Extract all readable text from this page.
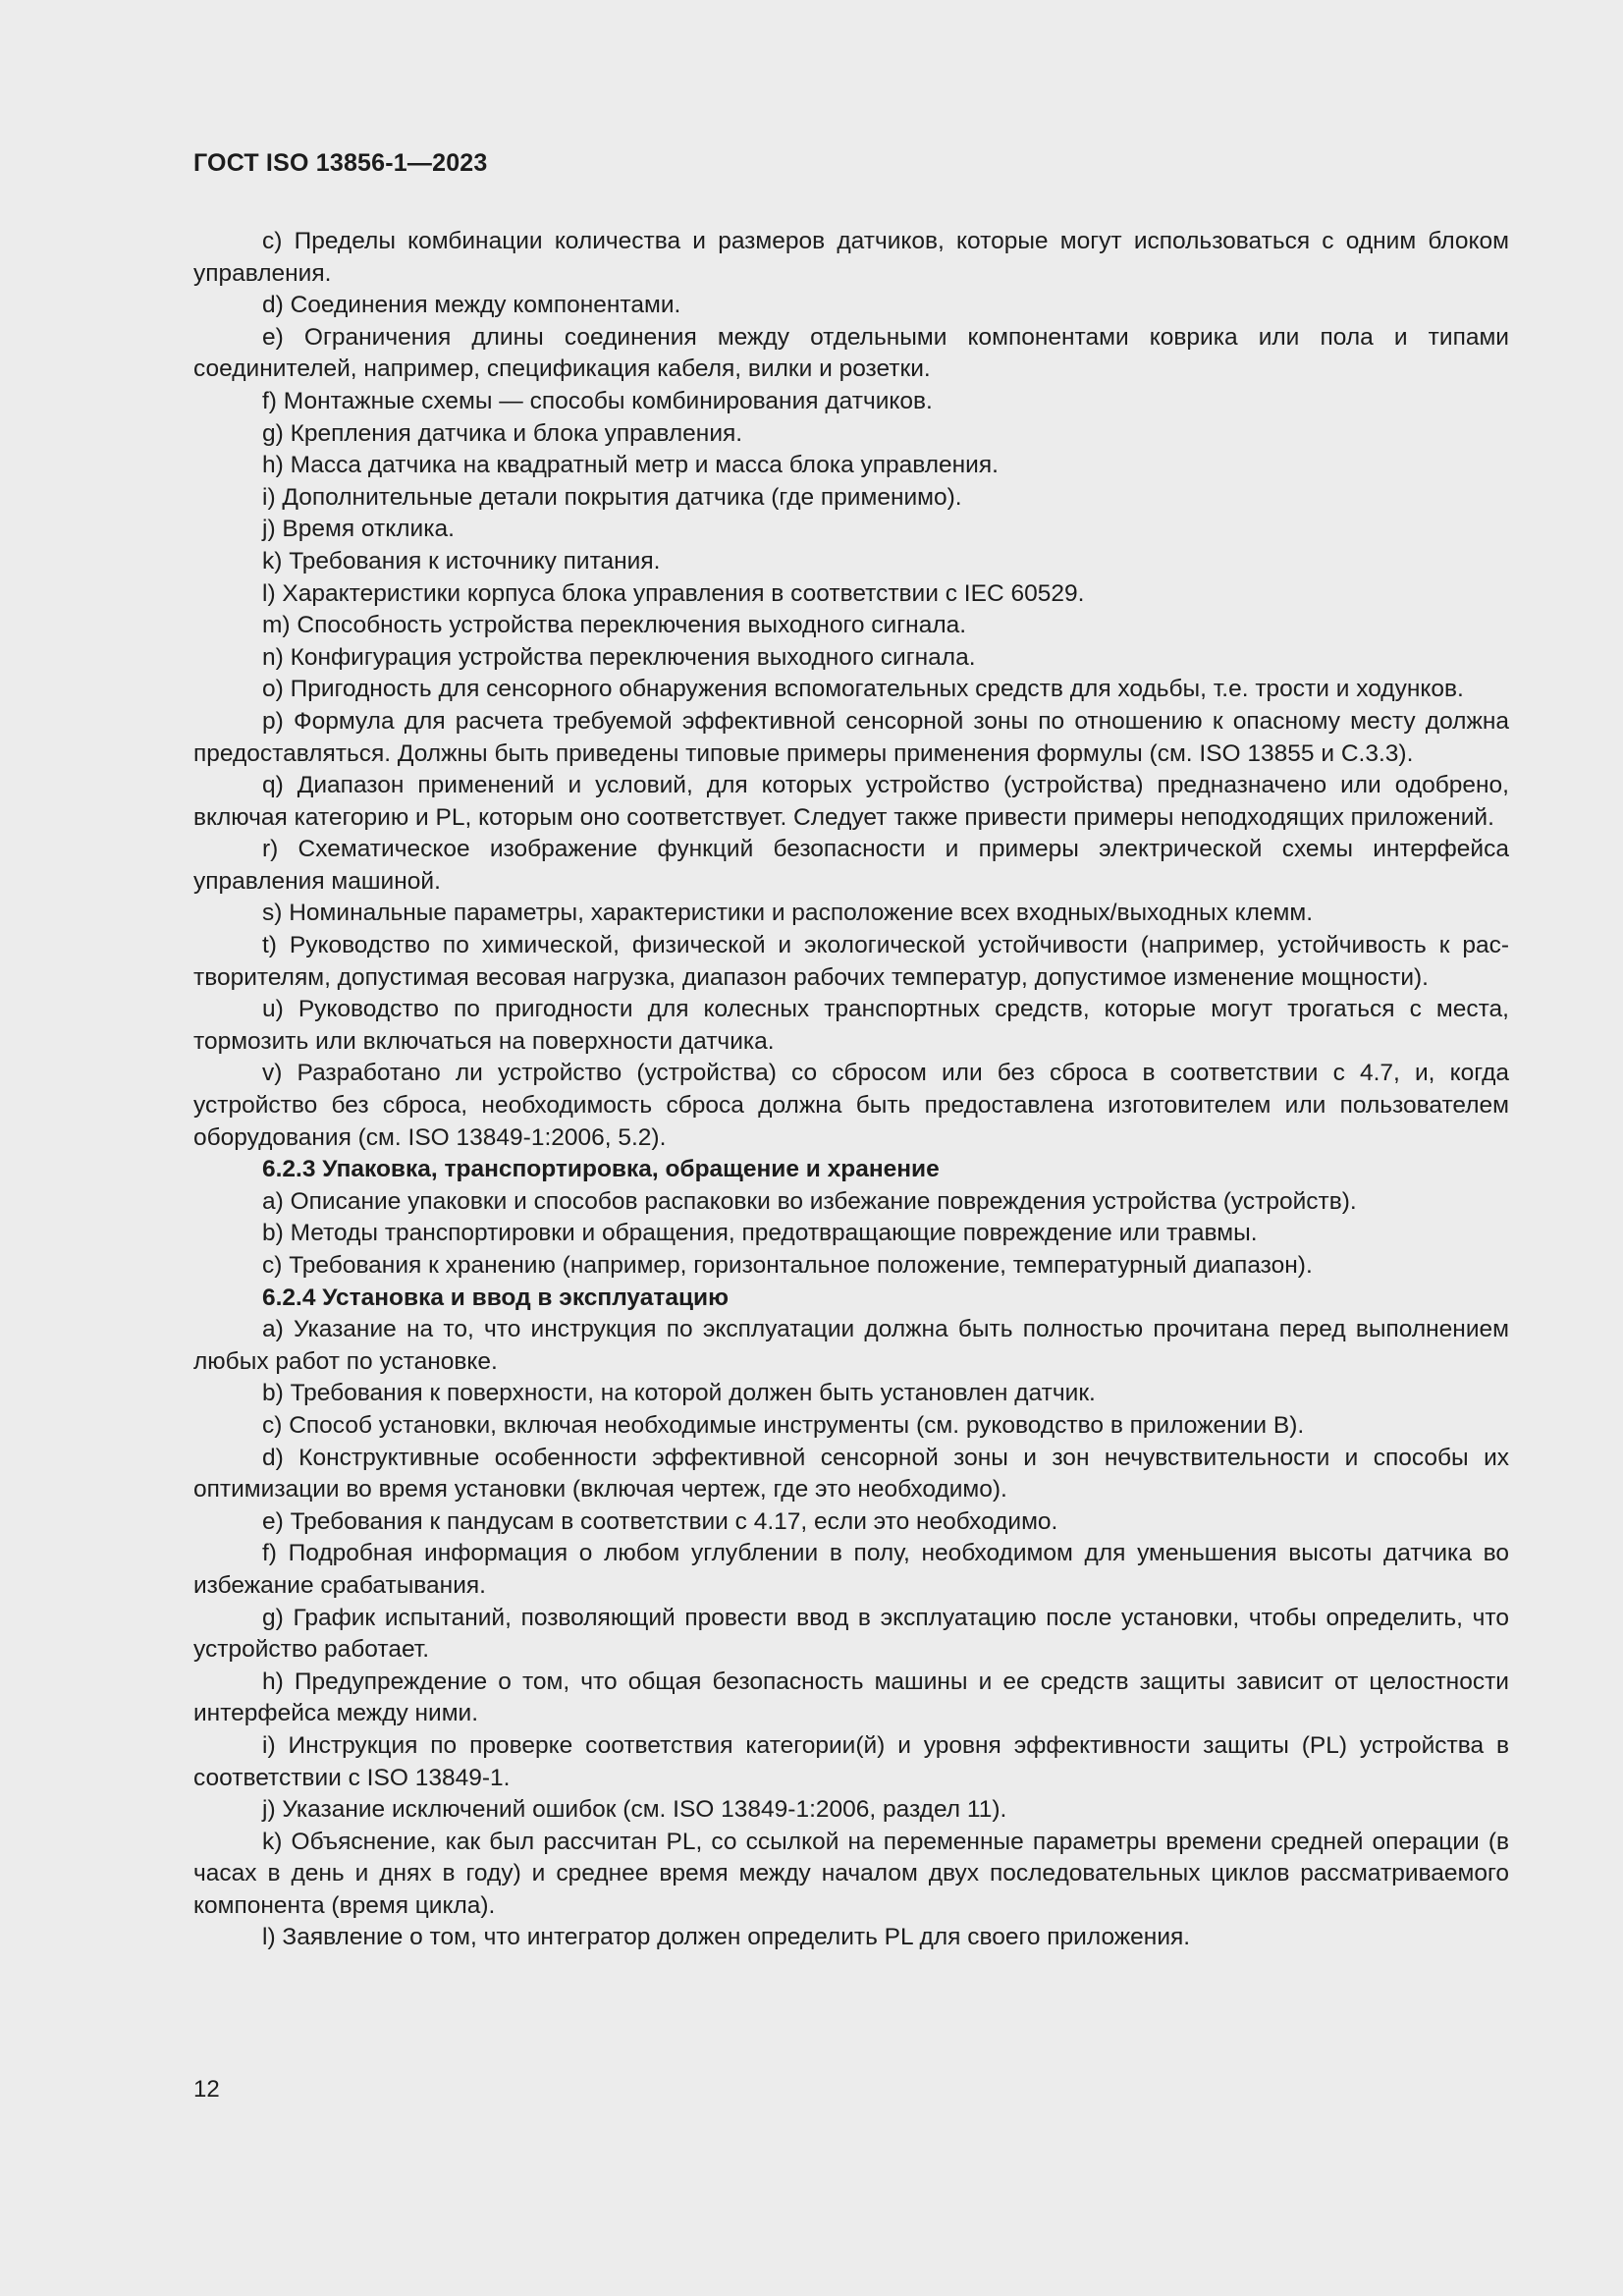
ГОСТ ISO 13856-1—2023

c) Пределы комбинации количества и размеров датчиков, которые могут использоваться с одним блоком управления.

d) Соединения между компонентами.

e) Ограничения длины соединения между отдельными компонентами коврика или пола и типами соединителей, например, спецификация кабеля, вилки и розетки.

f) Монтажные схемы — способы комбинирования датчиков.

g) Крепления датчика и блока управления.

h) Масса датчика на квадратный метр и масса блока управления.

i) Дополнительные детали покрытия датчика (где применимо).

j) Время отклика.

k) Требования к источнику питания.

l) Характеристики корпуса блока управления в соответствии с IEC 60529.

m) Способность устройства переключения выходного сигнала.

n) Конфигурация устройства переключения выходного сигнала.

o) Пригодность для сенсорного обнаружения вспомогательных средств для ходьбы, т.е. трости и ходунков.

p) Формула для расчета требуемой эффективной сенсорной зоны по отношению к опасному месту должна предоставляться. Должны быть приведены типовые примеры применения формулы (см. ISO 13855 и С.3.3).

q) Диапазон применений и условий, для которых устройство (устройства) предназначено или одобрено, включая категорию и PL, которым оно соответствует. Следует также привести примеры неподходящих приложений.

r) Схематическое изображение функций безопасности и примеры электрической схемы интерфейса управления машиной.

s) Номинальные параметры, характеристики и расположение всех входных/выходных клемм.

t) Руководство по химической, физической и экологической устойчивости (например, устойчивость к растворителям, допустимая весовая нагрузка, диапазон рабочих температур, допустимое изменение мощности).

u) Руководство по пригодности для колесных транспортных средств, которые могут трогаться с места, тормозить или включаться на поверхности датчика.

v) Разработано ли устройство (устройства) со сбросом или без сброса в соответствии с 4.7, и, когда устройство без сброса, необходимость сброса должна быть предоставлена изготовителем или пользователем оборудования (см. ISO 13849-1:2006, 5.2).

6.2.3 Упаковка, транспортировка, обращение и хранение

a) Описание упаковки и способов распаковки во избежание повреждения устройства (устройств).

b) Методы транспортировки и обращения, предотвращающие повреждение или травмы.

c) Требования к хранению (например, горизонтальное положение, температурный диапазон).

6.2.4 Установка и ввод в эксплуатацию

a) Указание на то, что инструкция по эксплуатации должна быть полностью прочитана перед выполнением любых работ по установке.

b) Требования к поверхности, на которой должен быть установлен датчик.

c) Способ установки, включая необходимые инструменты (см. руководство в приложении В).

d) Конструктивные особенности эффективной сенсорной зоны и зон нечувствительности и способы их оптимизации во время установки (включая чертеж, где это необходимо).

e) Требования к пандусам в соответствии с 4.17, если это необходимо.

f) Подробная информация о любом углублении в полу, необходимом для уменьшения высоты датчика во избежание срабатывания.

g) График испытаний, позволяющий провести ввод в эксплуатацию после установки, чтобы определить, что устройство работает.

h) Предупреждение о том, что общая безопасность машины и ее средств защиты зависит от целостности интерфейса между ними.

i) Инструкция по проверке соответствия категории(й) и уровня эффективности защиты (PL) устройства в соответствии с ISO 13849-1.

j) Указание исключений ошибок (см. ISO 13849-1:2006, раздел 11).

k) Объяснение, как был рассчитан PL, со ссылкой на переменные параметры времени средней операции (в часах в день и днях в году) и среднее время между началом двух последовательных циклов рассматриваемого компонента (время цикла).

l) Заявление о том, что интегратор должен определить PL для своего приложения.

12
